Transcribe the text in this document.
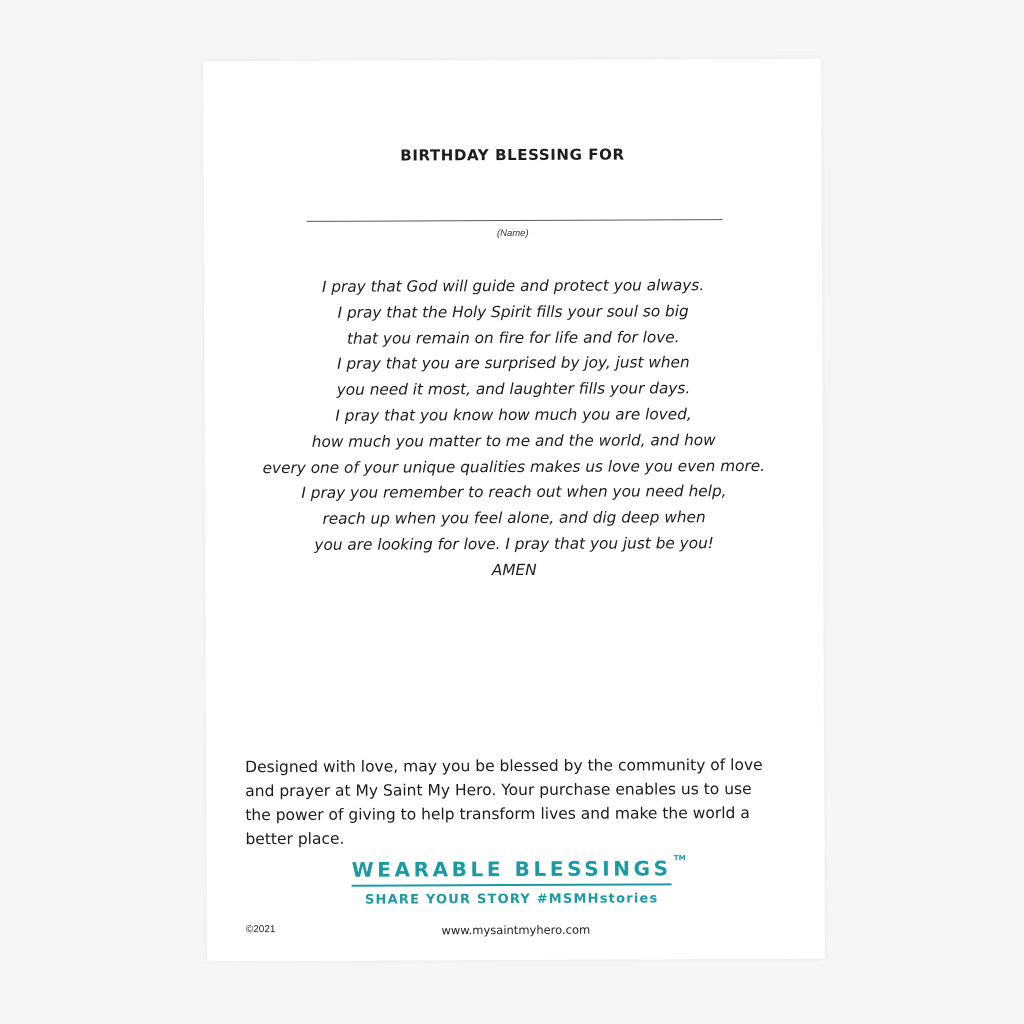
BIRTHDAY BLESSING FOR
(Name)
I pray that God will guide and protect you always.
I pray that the Holy Spirit fills your soul so big
that you remain on fire for life and for love.
I pray that you are surprised by joy, just when
you need it most, and laughter fills your days.
I pray that you know how much you are loved,
how much you matter to me and the world, and how
every one of your unique qualities makes us love you even more.
I pray you remember to reach out when you need help,
reach up when you feel alone, and dig deep when
you are looking for love. I pray that you just be you!
AMEN
Designed with love, may you be blessed by the community of love
and prayer at My Saint My Hero. Your purchase enables us to use
the power of giving to help transform lives and make the world a
better place.
WEARABLE BLESSINGS TM
SHARE YOUR STORY #MSMHstories
©2021	www.mysaintmyhero.com
